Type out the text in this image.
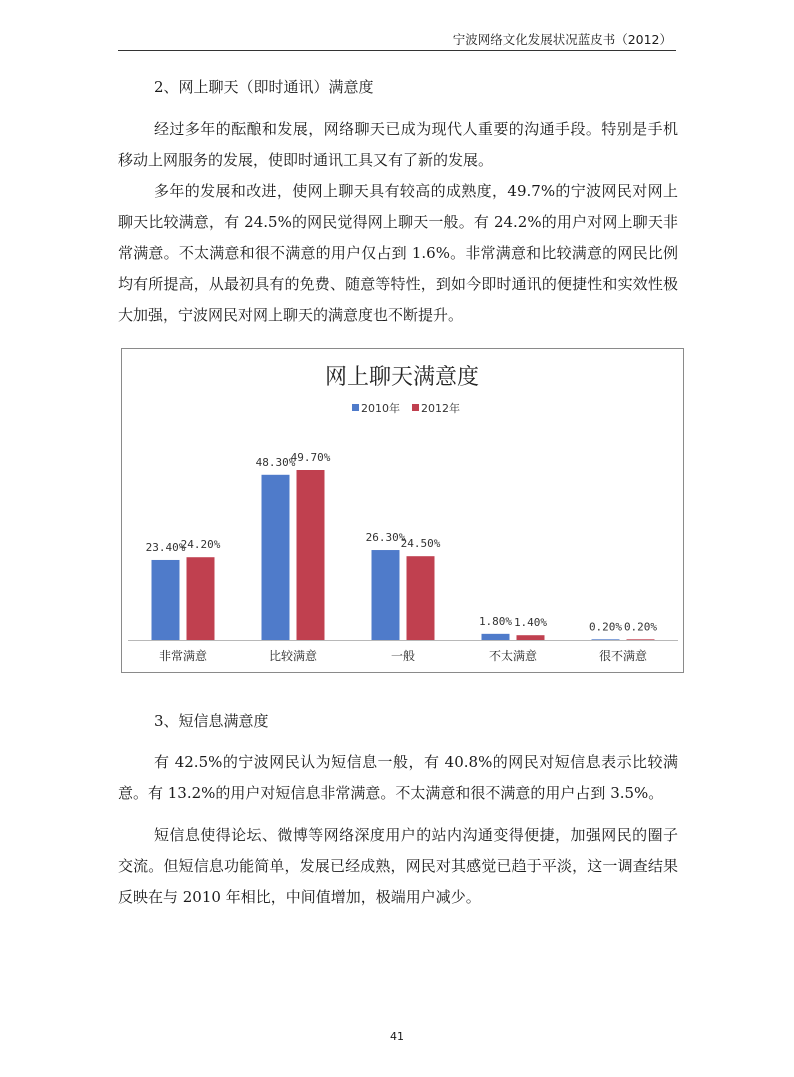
宁波网络文化发展状况蓝皮书（2012）
2、网上聊天（即时通讯）满意度

经过多年的酝酿和发展，网络聊天已成为现代人重要的沟通手段。特别是手机移动上网服务的发展，使即时通讯工具又有了新的发展。

多年的发展和改进，使网上聊天具有较高的成熟度，49.7%的宁波网民对网上聊天比较满意，有 24.5%的网民觉得网上聊天一般。有 24.2%的用户对网上聊天非常满意。不太满意和很不满意的用户仅占到 1.6%。非常满意和比较满意的网民比例均有所提高，从最初具有的免费、随意等特性，到如今即时通讯的便捷性和实效性极大加强，宁波网民对网上聊天的满意度也不断提升。

网上聊天满意度
2010年 2012年
23.40%
24.20%
非常满意
48.30%
49.70%
比较满意
26.30%
24.50%
一般
1.80% 1.40%
不太满意
0.20% 0.20%
很不满意
3、短信息满意度

有 42.5%的宁波网民认为短信息一般，有 40.8%的网民对短信息表示比较满意。有 13.2%的用户对短信息非常满意。不太满意和很不满意的用户占到 3.5%。

短信息使得论坛、微博等网络深度用户的站内沟通变得便捷，加强网民的圈子交流。但短信息功能简单，发展已经成熟，网民对其感觉已趋于平淡，这一调查结果反映在与 2010 年相比，中间值增加，极端用户减少。

41
